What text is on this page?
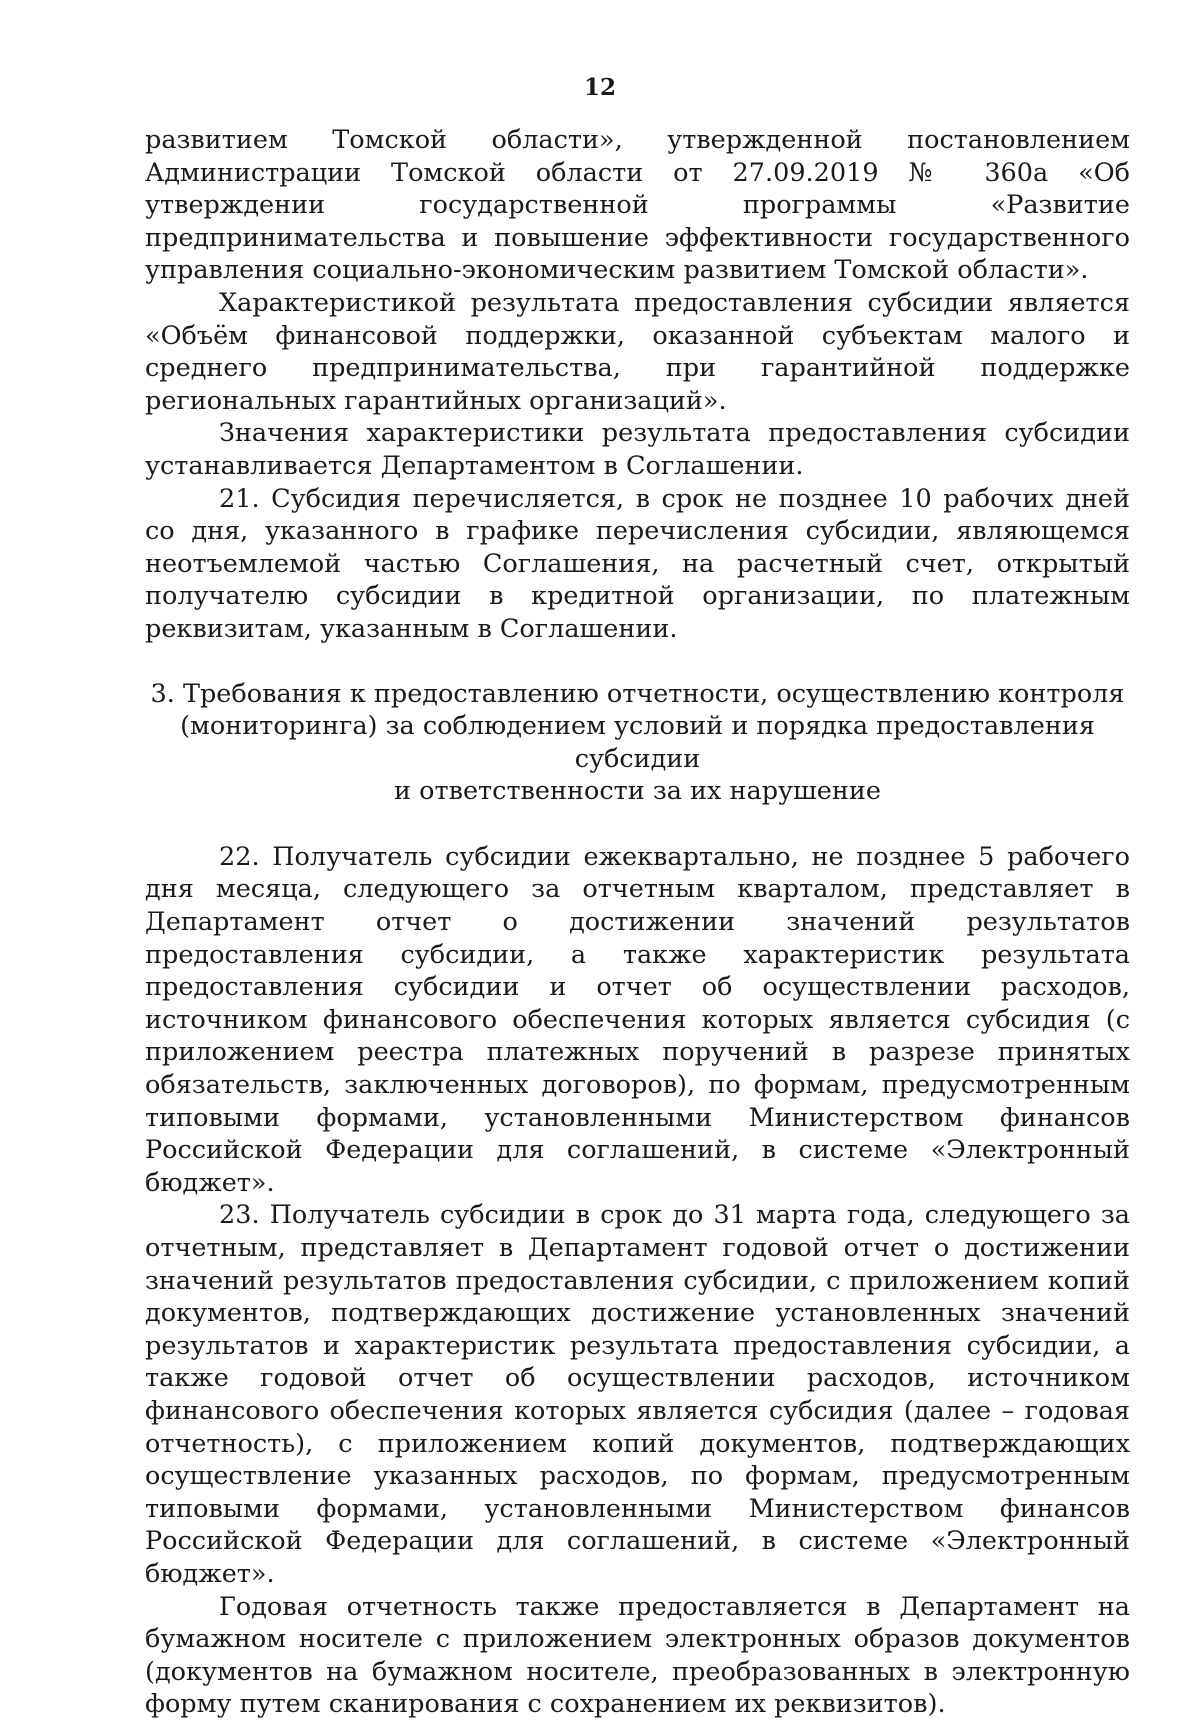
12

развитием Томской области», утвержденной постановлением Администрации Томской области от 27.09.2019 № 360а «Об утверждении государственной программы «Развитие предпринимательства и повышение эффективности государственного управления социально-экономическим развитием Томской области».

Характеристикой результата предоставления субсидии является «Объём финансовой поддержки, оказанной субъектам малого и среднего предпринимательства, при гарантийной поддержке региональных гарантийных организаций».

Значения характеристики результата предоставления субсидии устанавливается Департаментом в Соглашении.

21. Субсидия перечисляется, в срок не позднее 10 рабочих дней со дня, указанного в графике перечисления субсидии, являющемся неотъемлемой частью Соглашения, на расчетный счет, открытый получателю субсидии в кредитной организации, по платежным реквизитам, указанным в Соглашении.

3. Требования к предоставлению отчетности, осуществлению контроля
(мониторинга) за соблюдением условий и порядка предоставления субсидии
и ответственности за их нарушение

22. Получатель субсидии ежеквартально, не позднее 5 рабочего дня месяца, следующего за отчетным кварталом, представляет в Департамент отчет о достижении значений результатов предоставления субсидии, а также характеристик результата предоставления субсидии и отчет об осуществлении расходов, источником финансового обеспечения которых является субсидия (с приложением реестра платежных поручений в разрезе принятых обязательств, заключенных договоров), по формам, предусмотренным типовыми формами, установленными Министерством финансов Российской Федерации для соглашений, в системе «Электронный бюджет».

23. Получатель субсидии в срок до 31 марта года, следующего за отчетным, представляет в Департамент годовой отчет о достижении значений результатов предоставления субсидии, с приложением копий документов, подтверждающих достижение установленных значений результатов и характеристик результата предоставления субсидии, а также годовой отчет об осуществлении расходов, источником финансового обеспечения которых является субсидия (далее – годовая отчетность), с приложением копий документов, подтверждающих осуществление указанных расходов, по формам, предусмотренным типовыми формами, установленными Министерством финансов Российской Федерации для соглашений, в системе «Электронный бюджет».

Годовая отчетность также предоставляется в Департамент на бумажном носителе с приложением электронных образов документов (документов на бумажном носителе, преобразованных в электронную форму путем сканирования с сохранением их реквизитов).
